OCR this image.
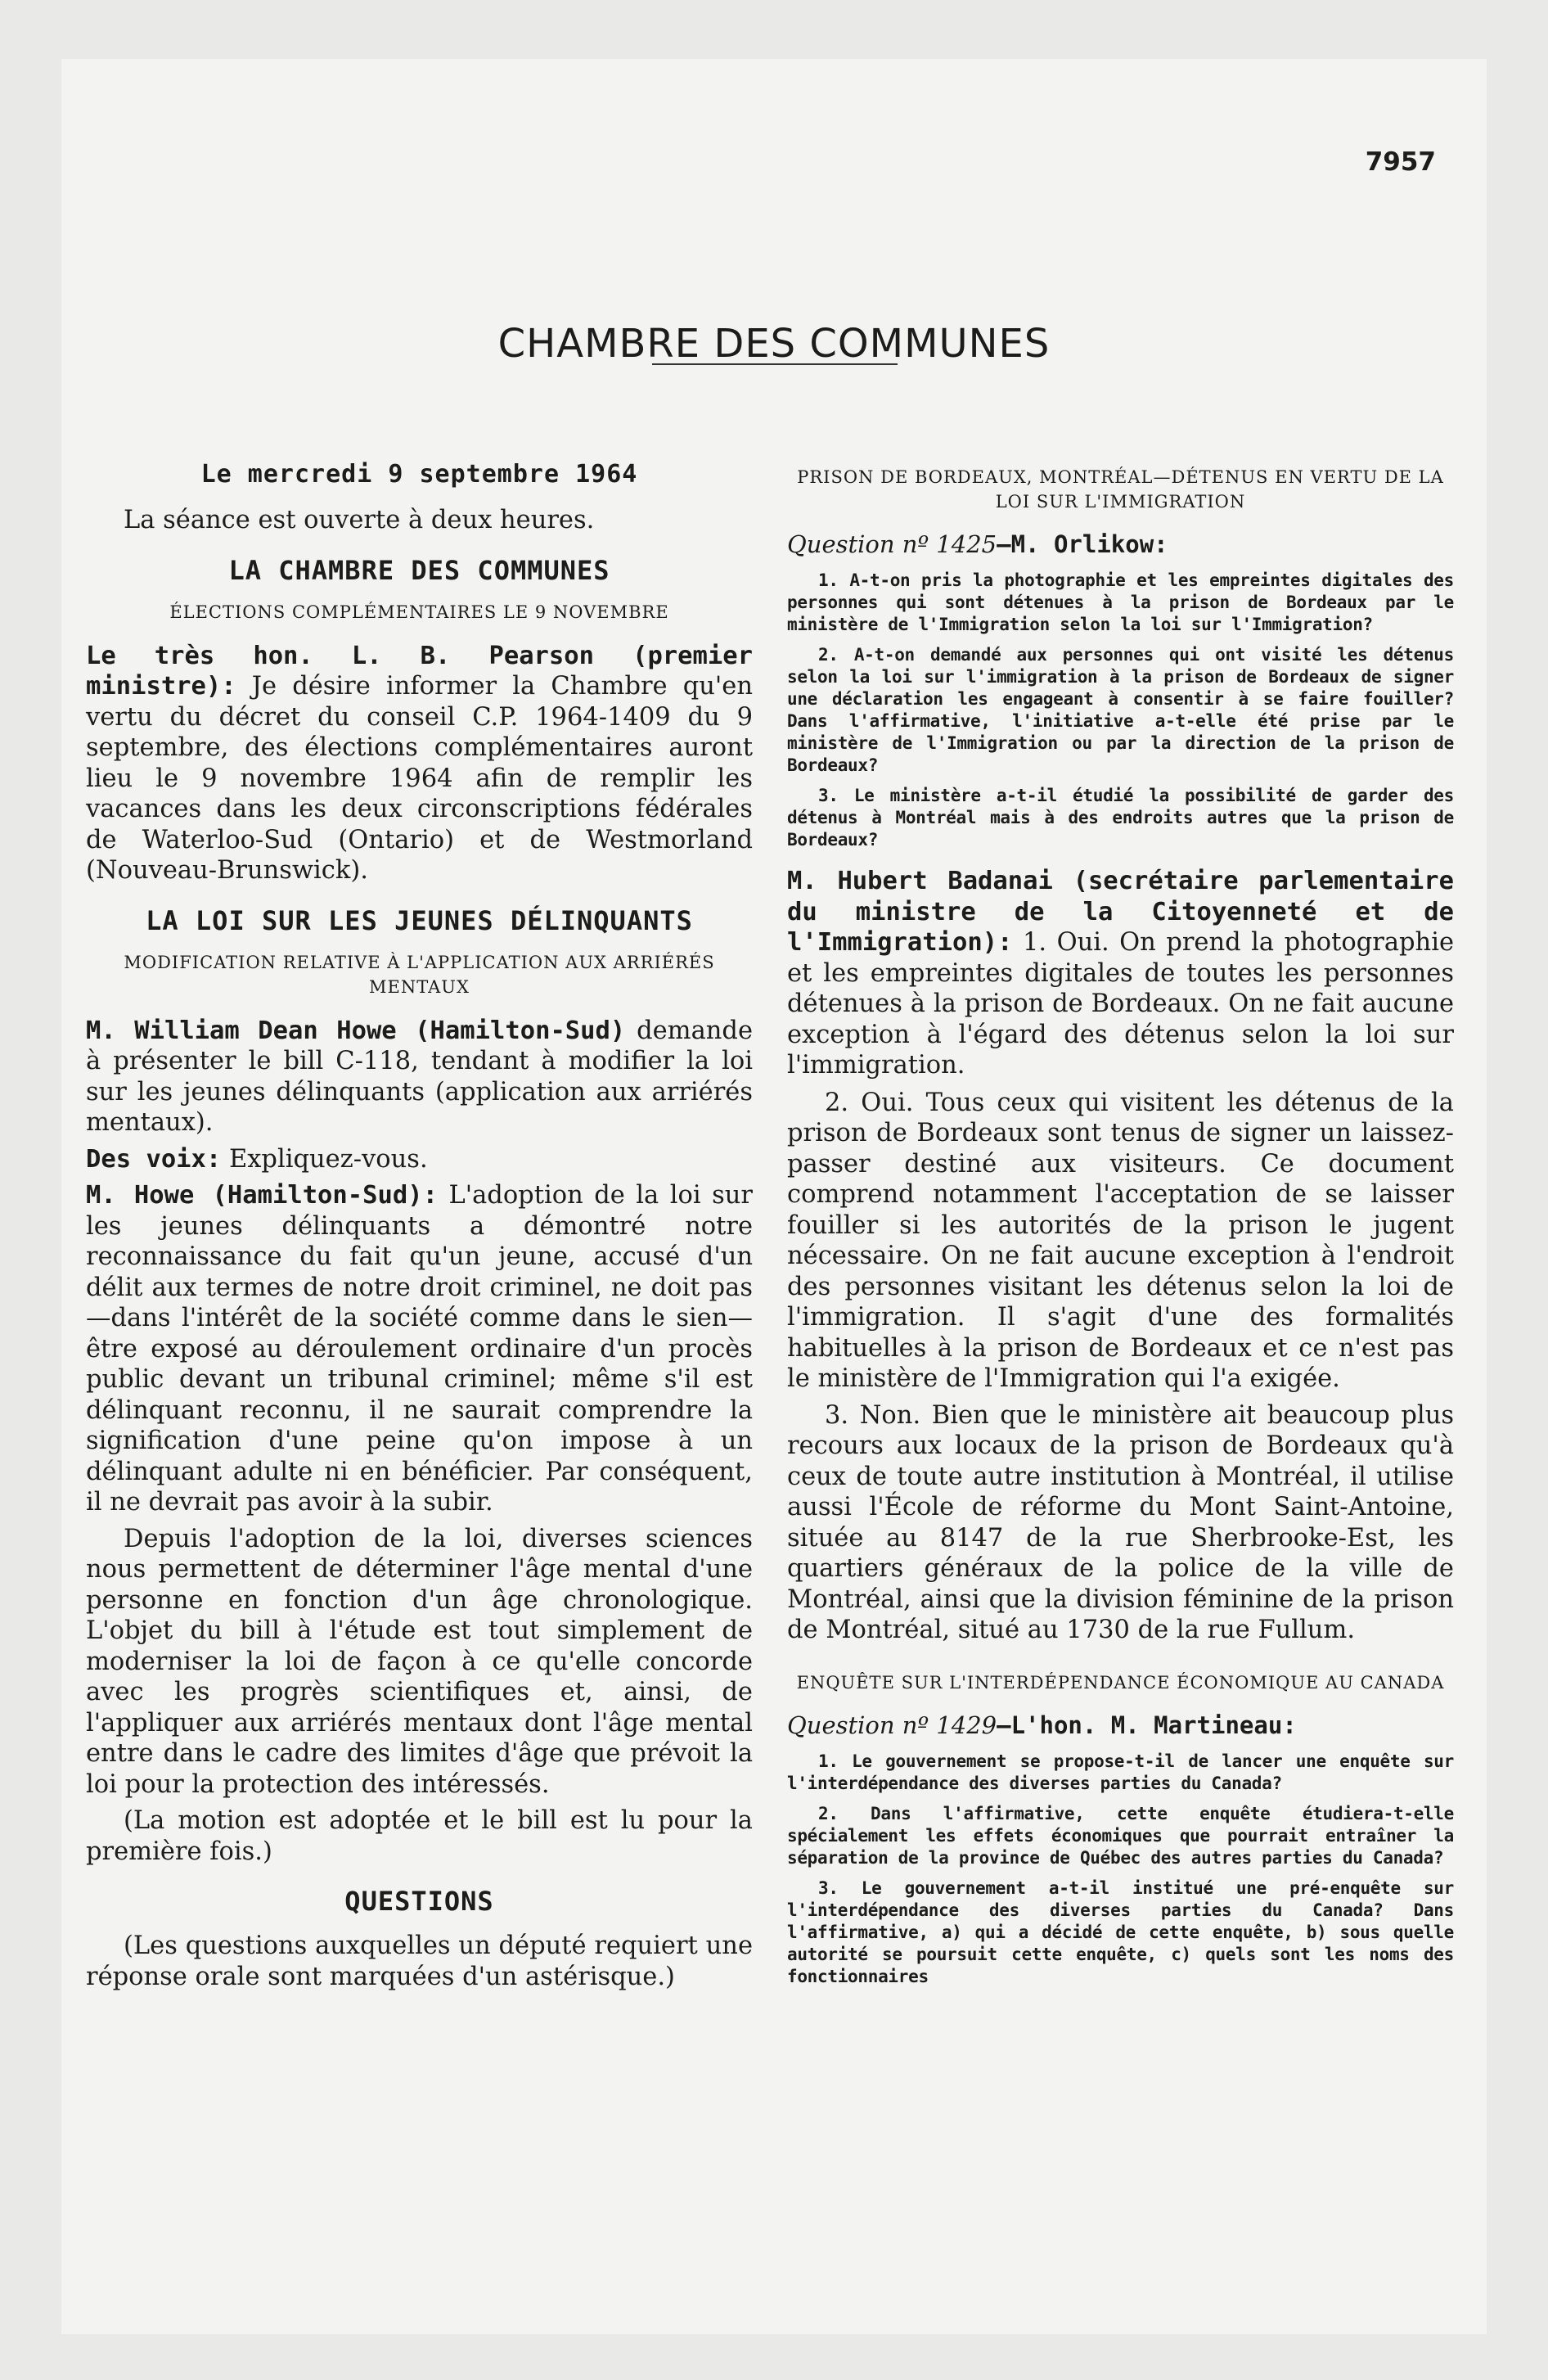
7957
CHAMBRE DES COMMUNES

Le mercredi 9 septembre 1964

La séance est ouverte à deux heures.

LA CHAMBRE DES COMMUNES
ÉLECTIONS COMPLÉMENTAIRES LE 9 NOVEMBRE

Le très hon. L. B. Pearson (premier ministre): Je désire informer la Chambre qu'en vertu du décret du conseil C.P. 1964-1409 du 9 septembre, des élections complémentaires auront lieu le 9 novembre 1964 afin de remplir les vacances dans les deux circonscriptions fédérales de Waterloo-Sud (Ontario) et de Westmorland (Nouveau-Brunswick).

LA LOI SUR LES JEUNES DÉLINQUANTS
MODIFICATION RELATIVE À L'APPLICATION AUX ARRIÉRÉS MENTAUX

M. William Dean Howe (Hamilton-Sud) demande à présenter le bill C-118, tendant à modifier la loi sur les jeunes délinquants (application aux arriérés mentaux).

Des voix: Expliquez-vous.

M. Howe (Hamilton-Sud): L'adoption de la loi sur les jeunes délinquants a démontré notre reconnaissance du fait qu'un jeune, accusé d'un délit aux termes de notre droit criminel, ne doit pas—dans l'intérêt de la société comme dans le sien—être exposé au déroulement ordinaire d'un procès public devant un tribunal criminel; même s'il est délinquant reconnu, il ne saurait comprendre la signification d'une peine qu'on impose à un délinquant adulte ni en bénéficier. Par conséquent, il ne devrait pas avoir à la subir.

Depuis l'adoption de la loi, diverses sciences nous permettent de déterminer l'âge mental d'une personne en fonction d'un âge chronologique. L'objet du bill à l'étude est tout simplement de moderniser la loi de façon à ce qu'elle concorde avec les progrès scientifiques et, ainsi, de l'appliquer aux arriérés mentaux dont l'âge mental entre dans le cadre des limites d'âge que prévoit la loi pour la protection des intéressés.

(La motion est adoptée et le bill est lu pour la première fois.)

QUESTIONS

(Les questions auxquelles un député requiert une réponse orale sont marquées d'un astérisque.)

PRISON DE BORDEAUX, MONTRÉAL—DÉTENUS EN VERTU DE LA LOI SUR L'IMMIGRATION

Question nº 1425—M. Orlikow:

1. A-t-on pris la photographie et les empreintes digitales des personnes qui sont détenues à la prison de Bordeaux par le ministère de l'Immigration selon la loi sur l'Immigration?

2. A-t-on demandé aux personnes qui ont visité les détenus selon la loi sur l'immigration à la prison de Bordeaux de signer une déclaration les engageant à consentir à se faire fouiller? Dans l'affirmative, l'initiative a-t-elle été prise par le ministère de l'Immigration ou par la direction de la prison de Bordeaux?

3. Le ministère a-t-il étudié la possibilité de garder des détenus à Montréal mais à des endroits autres que la prison de Bordeaux?

M. Hubert Badanai (secrétaire parlementaire du ministre de la Citoyenneté et de l'Immigration): 1. Oui. On prend la photographie et les empreintes digitales de toutes les personnes détenues à la prison de Bordeaux. On ne fait aucune exception à l'égard des détenus selon la loi sur l'immigration.

2. Oui. Tous ceux qui visitent les détenus de la prison de Bordeaux sont tenus de signer un laissez-passer destiné aux visiteurs. Ce document comprend notamment l'acceptation de se laisser fouiller si les autorités de la prison le jugent nécessaire. On ne fait aucune exception à l'endroit des personnes visitant les détenus selon la loi de l'immigration. Il s'agit d'une des formalités habituelles à la prison de Bordeaux et ce n'est pas le ministère de l'Immigration qui l'a exigée.

3. Non. Bien que le ministère ait beaucoup plus recours aux locaux de la prison de Bordeaux qu'à ceux de toute autre institution à Montréal, il utilise aussi l'École de réforme du Mont Saint-Antoine, située au 8147 de la rue Sherbrooke-Est, les quartiers généraux de la police de la ville de Montréal, ainsi que la division féminine de la prison de Montréal, situé au 1730 de la rue Fullum.

ENQUÊTE SUR L'INTERDÉPENDANCE ÉCONOMIQUE AU CANADA

Question nº 1429—L'hon. M. Martineau:

1. Le gouvernement se propose-t-il de lancer une enquête sur l'interdépendance des diverses parties du Canada?

2. Dans l'affirmative, cette enquête étudiera-t-elle spécialement les effets économiques que pourrait entraîner la séparation de la province de Québec des autres parties du Canada?

3. Le gouvernement a-t-il institué une pré-enquête sur l'interdépendance des diverses parties du Canada? Dans l'affirmative, a) qui a décidé de cette enquête, b) sous quelle autorité se poursuit cette enquête, c) quels sont les noms des fonctionnaires
